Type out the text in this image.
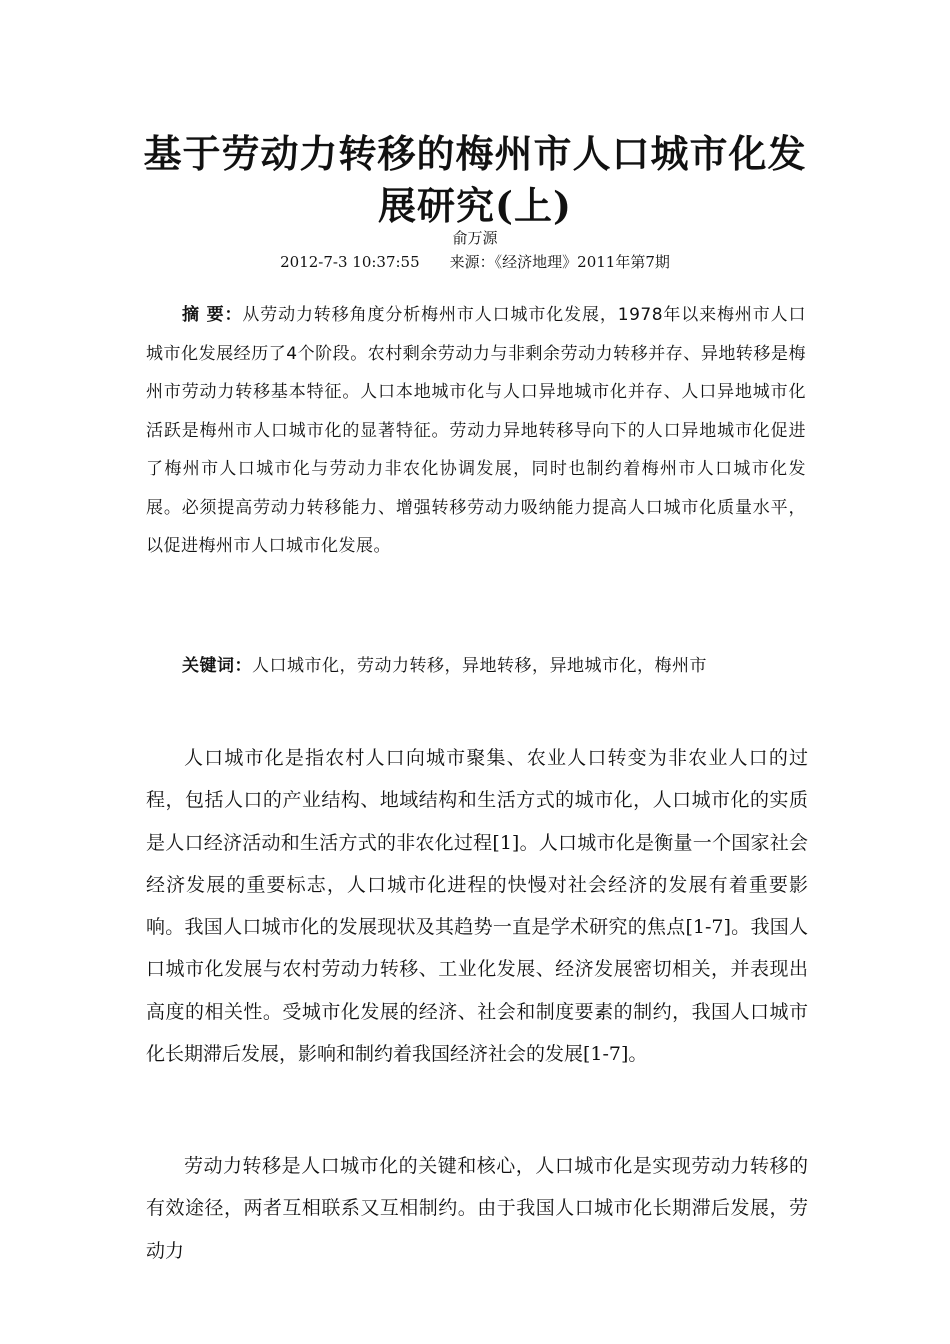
基于劳动力转移的梅州市人口城市化发展研究(上)
俞万源
2012-7-3 10:37:55 来源：《经济地理》2011年第7期
摘 要：从劳动力转移角度分析梅州市人口城市化发展，1978年以来梅州市人口城市化发展经历了4个阶段。农村剩余劳动力与非剩余劳动力转移并存、异地转移是梅州市劳动力转移基本特征。人口本地城市化与人口异地城市化并存、人口异地城市化活跃是梅州市人口城市化的显著特征。劳动力异地转移导向下的人口异地城市化促进了梅州市人口城市化与劳动力非农化协调发展，同时也制约着梅州市人口城市化发展。必须提高劳动力转移能力、增强转移劳动力吸纳能力提高人口城市化质量水平，以促进梅州市人口城市化发展。
关键词：人口城市化，劳动力转移，异地转移，异地城市化，梅州市
人口城市化是指农村人口向城市聚集、农业人口转变为非农业人口的过程，包括人口的产业结构、地域结构和生活方式的城市化，人口城市化的实质是人口经济活动和生活方式的非农化过程[1]。人口城市化是衡量一个国家社会经济发展的重要标志，人口城市化进程的快慢对社会经济的发展有着重要影响。我国人口城市化的发展现状及其趋势一直是学术研究的焦点[1-7]。我国人口城市化发展与农村劳动力转移、工业化发展、经济发展密切相关，并表现出高度的相关性。受城市化发展的经济、社会和制度要素的制约，我国人口城市化长期滞后发展，影响和制约着我国经济社会的发展[1-7]。
劳动力转移是人口城市化的关键和核心，人口城市化是实现劳动力转移的有效途径，两者互相联系又互相制约。由于我国人口城市化长期滞后发展，劳动力
